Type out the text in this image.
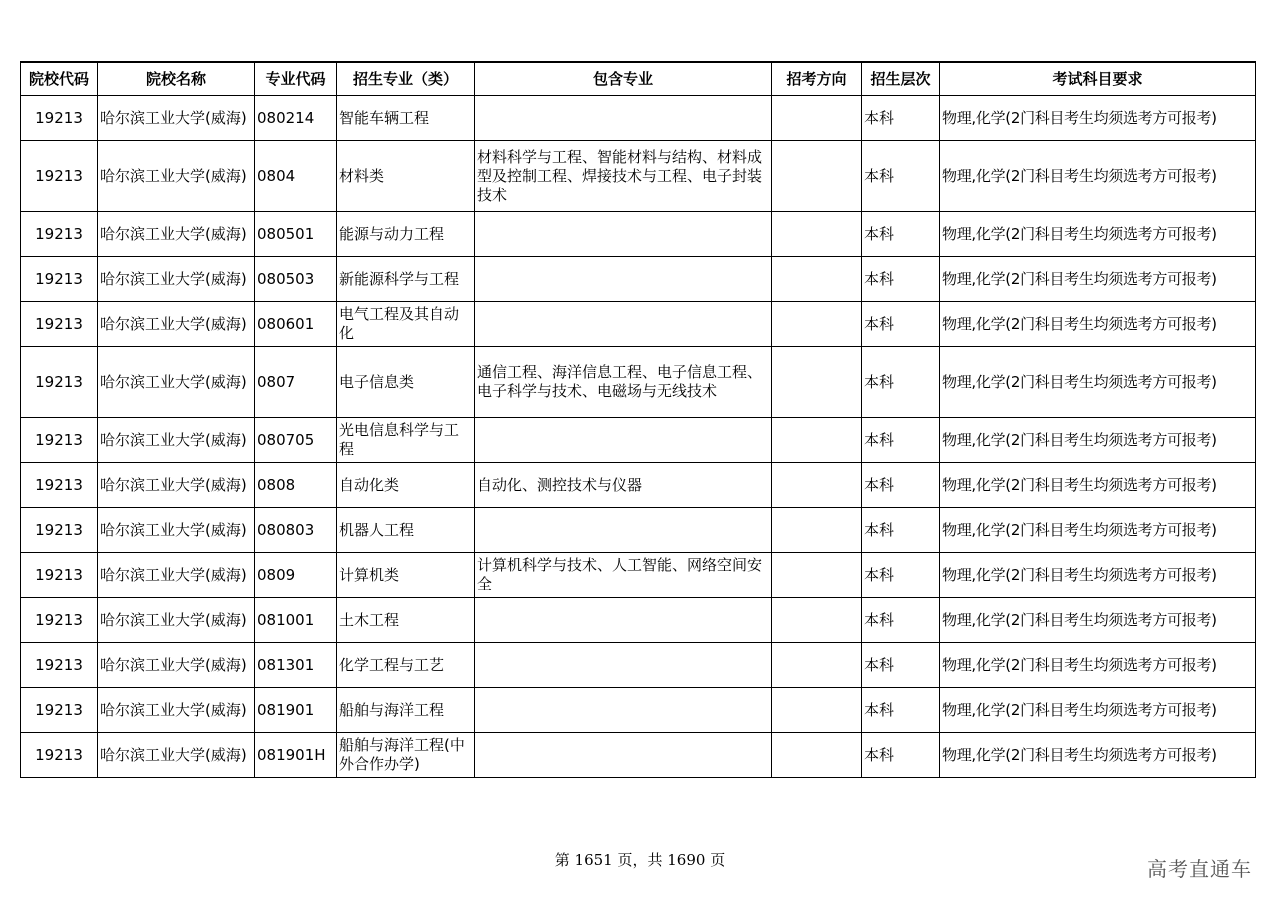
院校代码	院校名称	专业代码	招生专业（类）	包含专业	招考方向	招生层次	考试科目要求
19213	哈尔滨工业大学(威海)	080214	智能车辆工程			本科	物理,化学(2门科目考生均须选考方可报考)
19213	哈尔滨工业大学(威海)	0804	材料类	材料科学与工程、智能材料与结构、材料成型及控制工程、焊接技术与工程、电子封装技术		本科	物理,化学(2门科目考生均须选考方可报考)
19213	哈尔滨工业大学(威海)	080501	能源与动力工程			本科	物理,化学(2门科目考生均须选考方可报考)
19213	哈尔滨工业大学(威海)	080503	新能源科学与工程			本科	物理,化学(2门科目考生均须选考方可报考)
19213	哈尔滨工业大学(威海)	080601	电气工程及其自动化			本科	物理,化学(2门科目考生均须选考方可报考)
19213	哈尔滨工业大学(威海)	0807	电子信息类	通信工程、海洋信息工程、电子信息工程、电子科学与技术、电磁场与无线技术		本科	物理,化学(2门科目考生均须选考方可报考)
19213	哈尔滨工业大学(威海)	080705	光电信息科学与工程			本科	物理,化学(2门科目考生均须选考方可报考)
19213	哈尔滨工业大学(威海)	0808	自动化类	自动化、测控技术与仪器		本科	物理,化学(2门科目考生均须选考方可报考)
19213	哈尔滨工业大学(威海)	080803	机器人工程			本科	物理,化学(2门科目考生均须选考方可报考)
19213	哈尔滨工业大学(威海)	0809	计算机类	计算机科学与技术、人工智能、网络空间安全		本科	物理,化学(2门科目考生均须选考方可报考)
19213	哈尔滨工业大学(威海)	081001	土木工程			本科	物理,化学(2门科目考生均须选考方可报考)
19213	哈尔滨工业大学(威海)	081301	化学工程与工艺			本科	物理,化学(2门科目考生均须选考方可报考)
19213	哈尔滨工业大学(威海)	081901	船舶与海洋工程			本科	物理,化学(2门科目考生均须选考方可报考)
19213	哈尔滨工业大学(威海)	081901H	船舶与海洋工程(中外合作办学)			本科	物理,化学(2门科目考生均须选考方可报考)
第 1651 页，共 1690 页	高考直通车
